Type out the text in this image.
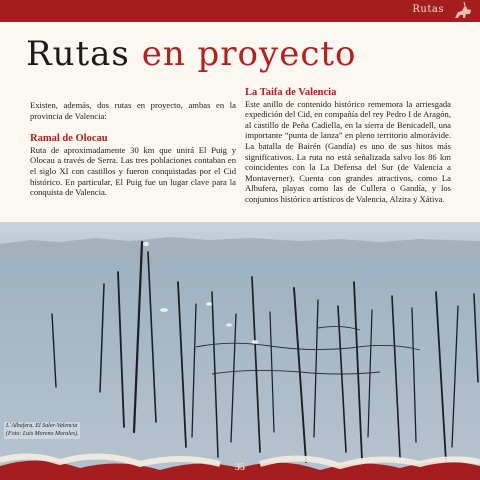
Rutas
Rutas en proyecto

Existen, además, dos rutas en proyecto, ambas en la provincia de Valencia:

Ramal de Olocau

Ruta de aproximadamente 30 km que unirá El Puig y Olocau a través de Serra. Las tres poblaciones contaban en el siglo XI con castillos y fueron conquistadas por el Cid histórico. En particular, El Puig fue un lugar clave para la conquista de Valencia.

La Taifa de Valencia

Este anillo de contenido histórico rememora la arriesgada expedición del Cid, en compañía del rey Pedro I de Aragón, al castillo de Peña Cadiella, en la sierra de Benicadell, una importante “punta de lanza” en pleno territorio almorávide. La batalla de Bairén (Gandía) es uno de sus hitos más significativos. La ruta no está señalizada salvo los 86 km coincidentes con la La Defensa del Sur (de Valencia a Montaverner). Cuenta con grandes atractivos, como La Albufera, playas como las de Cullera o Gandía, y los conjuntos histórico artísticos de Valencia, Alzira y Xátiva.

L´Albufera. El Saler-Valencia
(Foto: Luis Moreno Morales).
35
